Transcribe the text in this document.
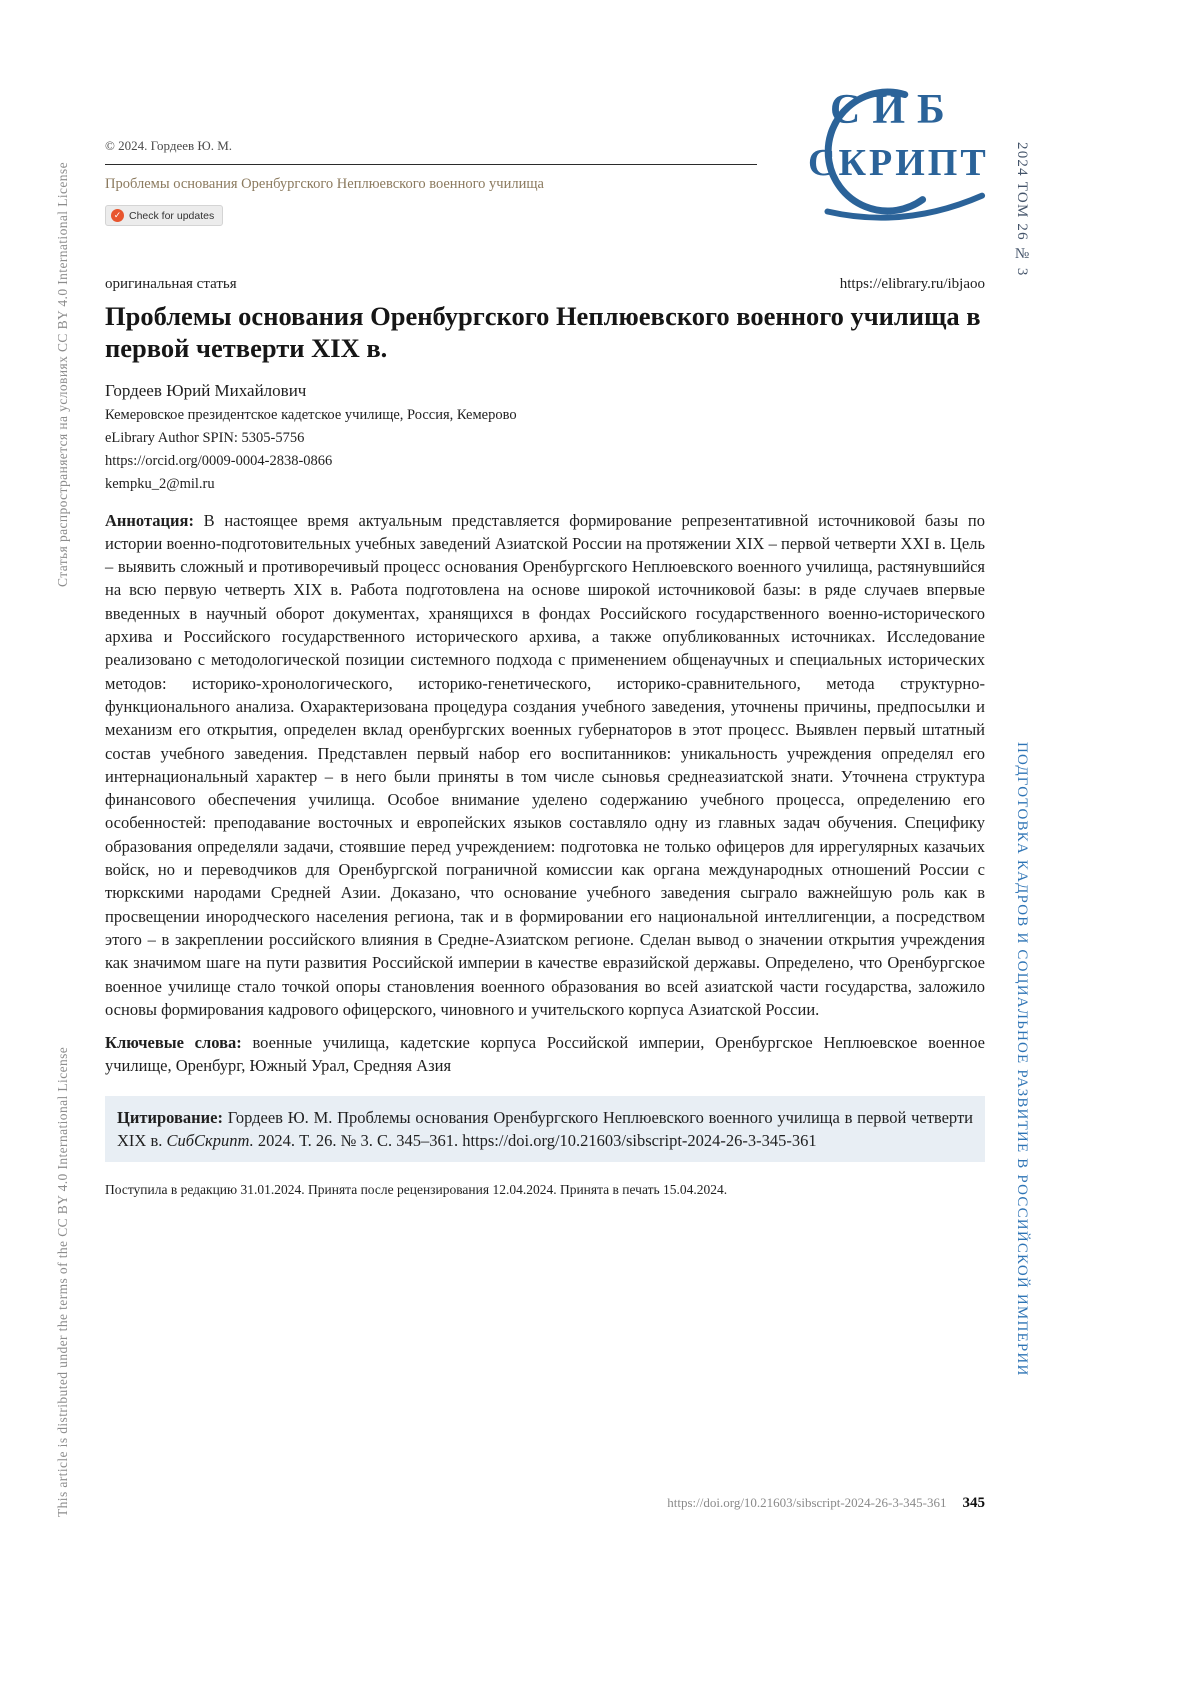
Статья распространяется на условиях CC BY 4.0 International License
This article is distributed under the terms of the CC BY 4.0 International License
2024 ТОМ 26 № 3
ПОДГОТОВКА КАДРОВ И СОЦИАЛЬНОЕ РАЗВИТИЕ В РОССИЙСКОЙ ИМПЕРИИ
СИБ
СКРИПТ
© 2024. Гордеев Ю. М.
Проблемы основания Оренбургского Неплюевского военного училища
✓ Check for updates
оригинальная статья	https://elibrary.ru/ibjaoo
Проблемы основания Оренбургского Неплюевского военного училища в первой четверти XIX в.
Гордеев Юрий Михайлович

Кемеровское президентское кадетское училище, Россия, Кемерово

eLibrary Author SPIN: 5305-5756

https://orcid.org/0009-0004-2838-0866

kempku_2@mil.ru

Аннотация: В настоящее время актуальным представляется формирование репрезентативной источниковой базы по истории военно-подготовительных учебных заведений Азиатской России на протяжении XIX – первой четверти XXI в. Цель – выявить сложный и противоречивый процесс основания Оренбургского Неплюевского военного училища, растянувшийся на всю первую четверть XIX в. Работа подготовлена на основе широкой источниковой базы: в ряде случаев впервые введенных в научный оборот документах, хранящихся в фондах Российского государственного военно-исторического архива и Российского государственного исторического архива, а также опубликованных источниках. Исследование реализовано с методологической позиции системного подхода с применением общенаучных и специальных исторических методов: историко-хронологического, историко-генетического, историко-сравнительного, метода структурно-функционального анализа. Охарактеризована процедура создания учебного заведения, уточнены причины, предпосылки и механизм его открытия, определен вклад оренбургских военных губернаторов в этот процесс. Выявлен первый штатный состав учебного заведения. Представлен первый набор его воспитанников: уникальность учреждения определял его интернациональный характер – в него были приняты в том числе сыновья среднеазиатской знати. Уточнена структура финансового обеспечения училища. Особое внимание уделено содержанию учебного процесса, определению его особенностей: преподавание восточных и европейских языков составляло одну из главных задач обучения. Специфику образования определяли задачи, стоявшие перед учреждением: подготовка не только офицеров для иррегулярных казачьих войск, но и переводчиков для Оренбургской пограничной комиссии как органа международных отношений России с тюркскими народами Средней Азии. Доказано, что основание учебного заведения сыграло важнейшую роль как в просвещении инородческого населения региона, так и в формировании его национальной интеллигенции, а посредством этого – в закреплении российского влияния в Средне-Азиатском регионе. Сделан вывод о значении открытия учреждения как значимом шаге на пути развития Российской империи в качестве евразийской державы. Определено, что Оренбургское военное училище стало точкой опоры становления военного образования во всей азиатской части государства, заложило основы формирования кадрового офицерского, чиновного и учительского корпуса Азиатской России.

Ключевые слова: военные училища, кадетские корпуса Российской империи, Оренбургское Неплюевское военное училище, Оренбург, Южный Урал, Средняя Азия

Цитирование: Гордеев Ю. М. Проблемы основания Оренбургского Неплюевского военного училища в первой четверти XIX в. СибСкрипт. 2024. Т. 26. № 3. С. 345–361. https://doi.org/10.21603/sibscript-2024-26-3-345-361

Поступила в редакцию 31.01.2024. Принята после рецензирования 12.04.2024. Принята в печать 15.04.2024.

https://doi.org/10.21603/sibscript-2024-26-3-345-361 345
